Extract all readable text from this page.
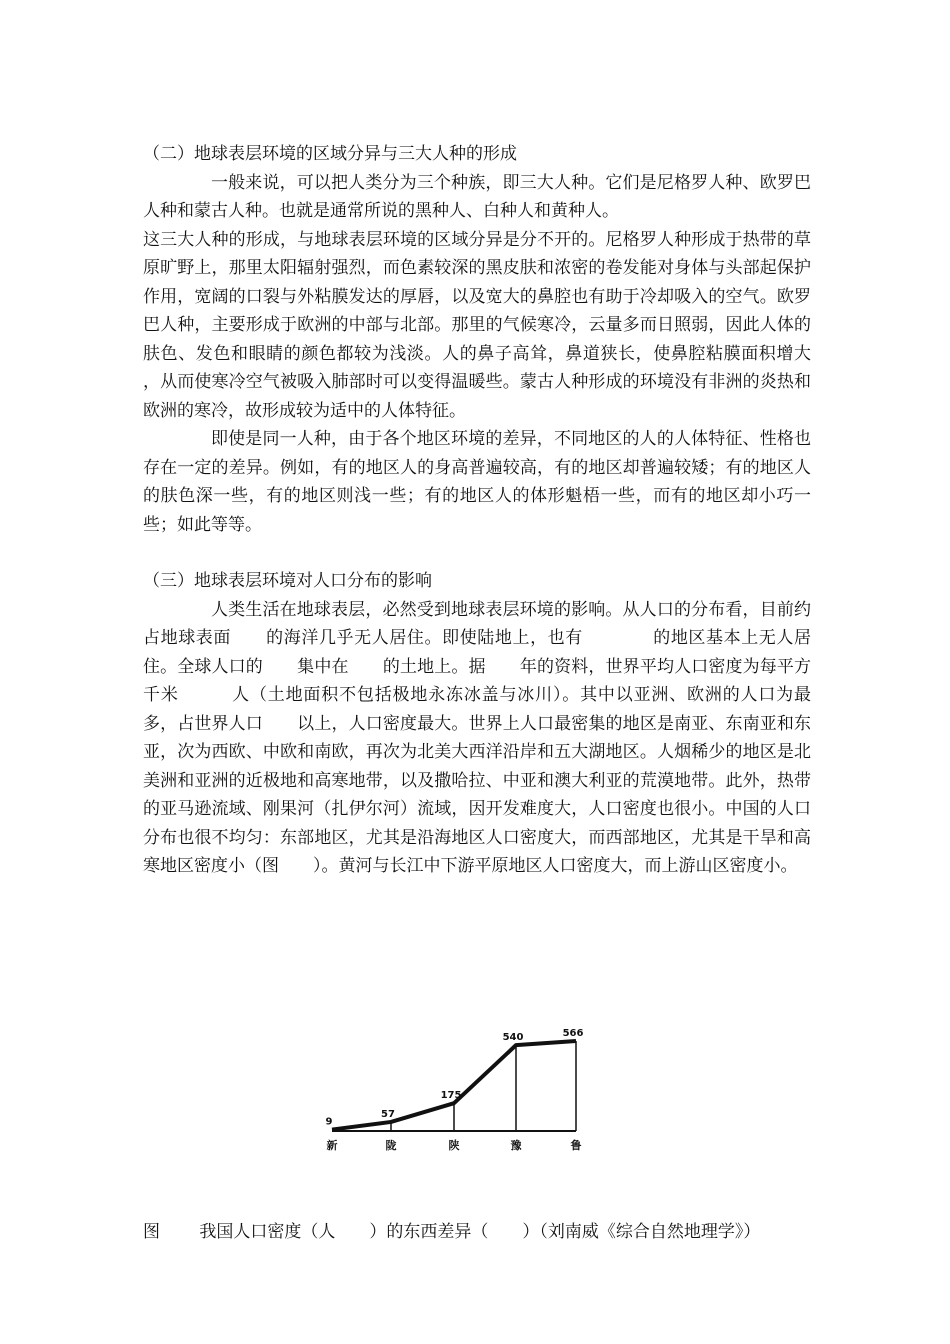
（二）地球表层环境的区域分异与三大人种的形成

一般来说，可以把人类分为三个种族，即三大人种。它们是尼格罗人种、欧罗巴人种和蒙古人种。也就是通常所说的黑种人、白种人和黄种人。

这三大人种的形成，与地球表层环境的区域分异是分不开的。尼格罗人种形成于热带的草原旷野上，那里太阳辐射强烈，而色素较深的黑皮肤和浓密的卷发能对身体与头部起保护作用，宽阔的口裂与外粘膜发达的厚唇，以及宽大的鼻腔也有助于冷却吸入的空气。欧罗巴人种，主要形成于欧洲的中部与北部。那里的气候寒冷，云量多而日照弱，因此人体的肤色、发色和眼睛的颜色都较为浅淡。人的鼻子高耸，鼻道狭长，使鼻腔粘膜面积增大 ，从而使寒冷空气被吸入肺部时可以变得温暖些。蒙古人种形成的环境没有非洲的炎热和欧洲的寒冷，故形成较为适中的人体特征。

即使是同一人种，由于各个地区环境的差异，不同地区的人的人体特征、性格也存在一定的差异。例如，有的地区人的身高普遍较高，有的地区却普遍较矮；有的地区人的肤色深一些，有的地区则浅一些；有的地区人的体形魁梧一些，而有的地区却小巧一些；如此等等。

（三）地球表层环境对人口分布的影响

人类生活在地球表层，必然受到地球表层环境的影响。从人口的分布看，目前约占地球表面　　的海洋几乎无人居住。即使陆地上，也有　　　　的地区基本上无人居住。全球人口的　　集中在　　的土地上。据　　年的资料，世界平均人口密度为每平方千米　　　人（土地面积不包括极地永冻冰盖与冰川）。其中以亚洲、欧洲的人口为最多，占世界人口　　以上，人口密度最大。世界上人口最密集的地区是南亚、东南亚和东亚，次为西欧、中欧和南欧，再次为北美大西洋沿岸和五大湖地区。人烟稀少的地区是北美洲和亚洲的近极地和高寒地带，以及撒哈拉、中亚和澳大利亚的荒漠地带。此外，热带的亚马逊流域、刚果河（扎伊尔河）流域，因开发难度大，人口密度也很小。中国的人口分布也很不均匀：东部地区，尤其是沿海地区人口密度大，而西部地区，尤其是干旱和高寒地区密度小（图　　）。黄河与长江中下游平原地区人口密度大，而上游山区密度小。

9
57
175
540	566
新	陇	陕	豫	鲁

图　　 我国人口密度（人　　）的东西差异（　　）（刘南威《综合自然地理学》）
